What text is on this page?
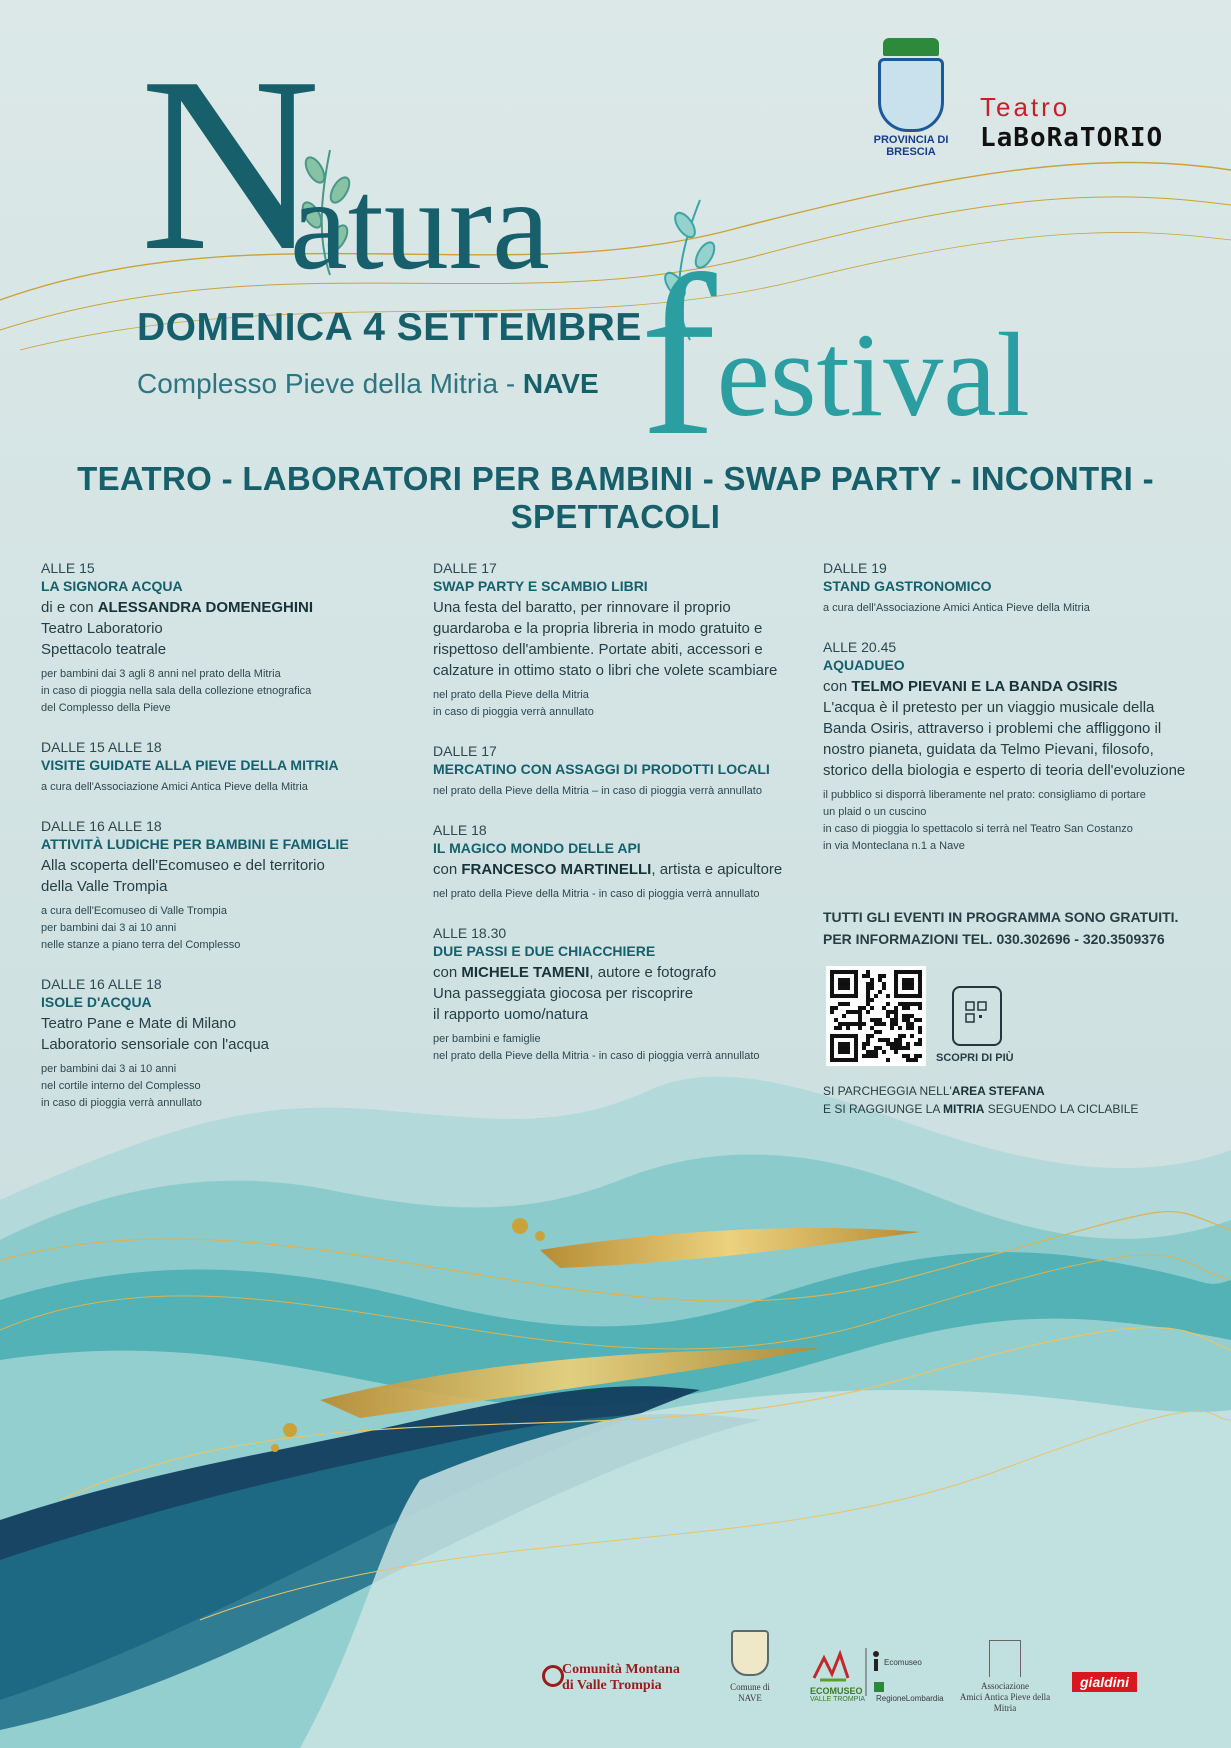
N
atura
festival
DOMENICA 4 SETTEMBRE
Complesso Pieve della Mitria - NAVE
PROVINCIA DI BRESCIA
Teatro
LaBoRaTORIO
TEATRO - LABORATORI PER BAMBINI - SWAP PARTY - INCONTRI - SPETTACOLI
ALLE 15
LA SIGNORA ACQUA
di e con ALESSANDRA DOMENEGHINI
Teatro Laboratorio
Spettacolo teatrale
per bambini dai 3 agli 8 anni nel prato della Mitria
in caso di pioggia nella sala della collezione etnografica
del Complesso della Pieve
DALLE 15 ALLE 18
VISITE GUIDATE ALLA PIEVE DELLA MITRIA
a cura dell'Associazione Amici Antica Pieve della Mitria
DALLE 16 ALLE 18
ATTIVITÀ LUDICHE PER BAMBINI E FAMIGLIE
Alla scoperta dell'Ecomuseo e del territorio
della Valle Trompia
a cura dell'Ecomuseo di Valle Trompia
per bambini dai 3 ai 10 anni
nelle stanze a piano terra del Complesso
DALLE 16 ALLE 18
ISOLE D'ACQUA
Teatro Pane e Mate di Milano
Laboratorio sensoriale con l'acqua
per bambini dai 3 ai 10 anni
nel cortile interno del Complesso
in caso di pioggia verrà annullato
DALLE 17
SWAP PARTY E SCAMBIO LIBRI
Una festa del baratto, per rinnovare il proprio guardaroba e la propria libreria in modo gratuito e rispettoso dell'ambiente. Portate abiti, accessori e calzature in ottimo stato o libri che volete scambiare
nel prato della Pieve della Mitria
in caso di pioggia verrà annullato
DALLE 17
MERCATINO CON ASSAGGI DI PRODOTTI LOCALI
nel prato della Pieve della Mitria – in caso di pioggia verrà annullato
ALLE 18
IL MAGICO MONDO DELLE API
con FRANCESCO MARTINELLI, artista e apicultore
nel prato della Pieve della Mitria - in caso di pioggia verrà annullato
ALLE 18.30
DUE PASSI E DUE CHIACCHIERE
con MICHELE TAMENI, autore e fotografo
Una passeggiata giocosa per riscoprire
il rapporto uomo/natura
per bambini e famiglie
nel prato della Pieve della Mitria - in caso di pioggia verrà annullato
DALLE 19
STAND GASTRONOMICO
a cura dell'Associazione Amici Antica Pieve della Mitria
ALLE 20.45
AQUADUEO
con TELMO PIEVANI E LA BANDA OSIRIS
L'acqua è il pretesto per un viaggio musicale della Banda Osiris, attraverso i problemi che affliggono il nostro pianeta, guidata da Telmo Pievani, filosofo, storico della biologia e esperto di teoria dell'evoluzione
il pubblico si disporrà liberamente nel prato: consigliamo di portare
un plaid o un cuscino
in caso di pioggia lo spettacolo si terrà nel Teatro San Costanzo
in via Monteclana n.1 a Nave
TUTTI GLI EVENTI IN PROGRAMMA SONO GRATUITI.
PER INFORMAZIONI TEL. 030.302696 - 320.3509376
SCOPRI DI PIÙ
SI PARCHEGGIA NELL'AREA STEFANA
E SI RAGGIUNGE LA MITRIA SEGUENDO LA CICLABILE
Comunità Montana
di Valle Trompia	Comune di
NAVE
ECOMUSEO
VALLE TROMPIA
Ecomuseo
RegioneLombardia
Associazione
Amici Antica Pieve della Mitria
gialdini
